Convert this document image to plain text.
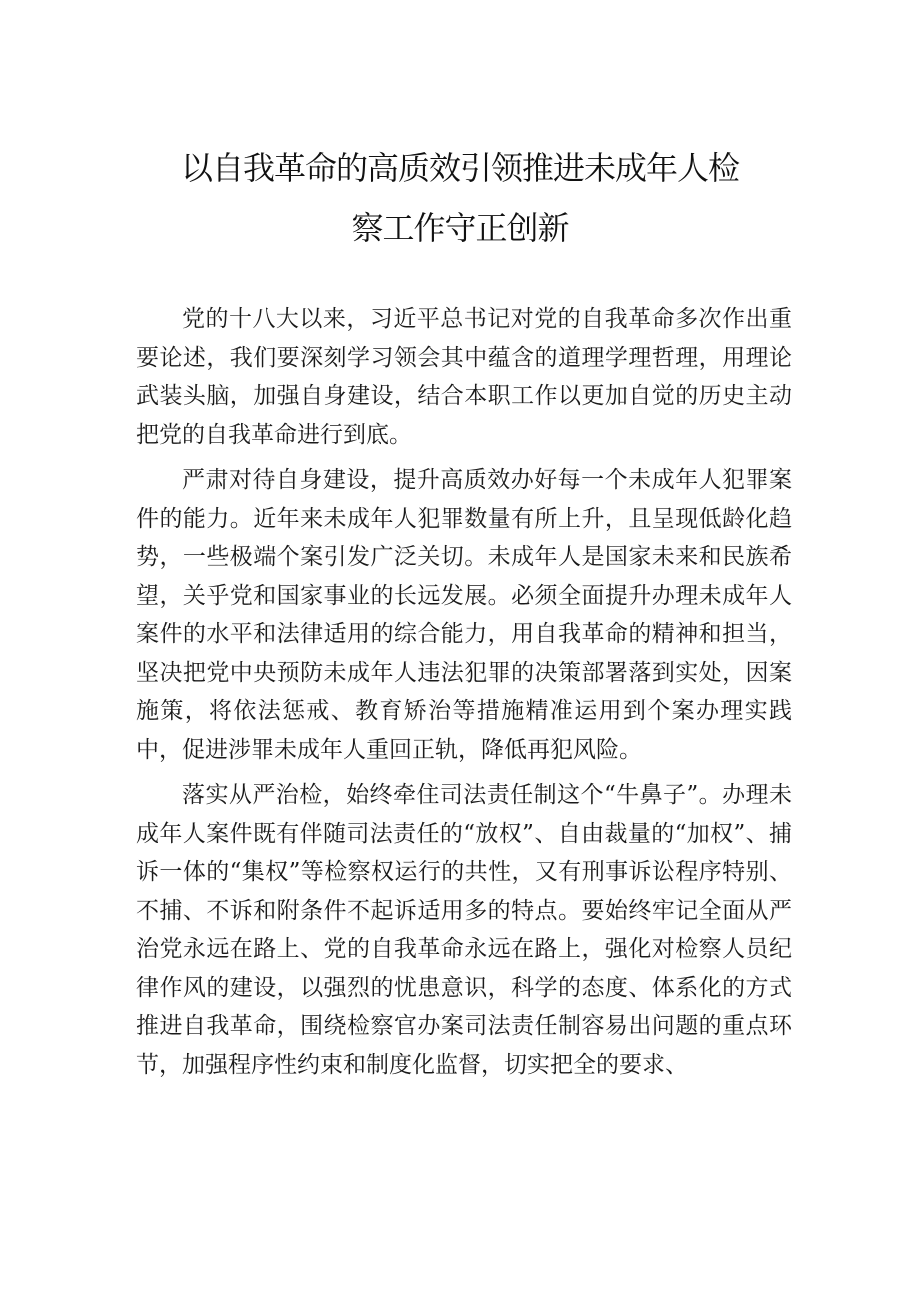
以自我革命的高质效引领推进未成年人检
察工作守正创新

党的十八大以来，习近平总书记对党的自我革命多次作出重要论述，我们要深刻学习领会其中蕴含的道理学理哲理，用理论武装头脑，加强自身建设，结合本职工作以更加自觉的历史主动把党的自我革命进行到底。

严肃对待自身建设，提升高质效办好每一个未成年人犯罪案件的能力。近年来未成年人犯罪数量有所上升，且呈现低龄化趋势，一些极端个案引发广泛关切。未成年人是国家未来和民族希望，关乎党和国家事业的长远发展。必须全面提升办理未成年人案件的水平和法律适用的综合能力，用自我革命的精神和担当，坚决把党中央预防未成年人违法犯罪的决策部署落到实处，因案施策，将依法惩戒、教育矫治等措施精准运用到个案办理实践中，促进涉罪未成年人重回正轨，降低再犯风险。

落实从严治检，始终牵住司法责任制这个“牛鼻子”。办理未成年人案件既有伴随司法责任的“放权”、自由裁量的“加权”、捕诉一体的“集权”等检察权运行的共性，又有刑事诉讼程序特别、不捕、不诉和附条件不起诉适用多的特点。要始终牢记全面从严治党永远在路上、党的自我革命永远在路上，强化对检察人员纪律作风的建设，以强烈的忧患意识，科学的态度、体系化的方式推进自我革命，围绕检察官办案司法责任制容易出问题的重点环节，加强程序性约束和制度化监督，切实把全的要求、
